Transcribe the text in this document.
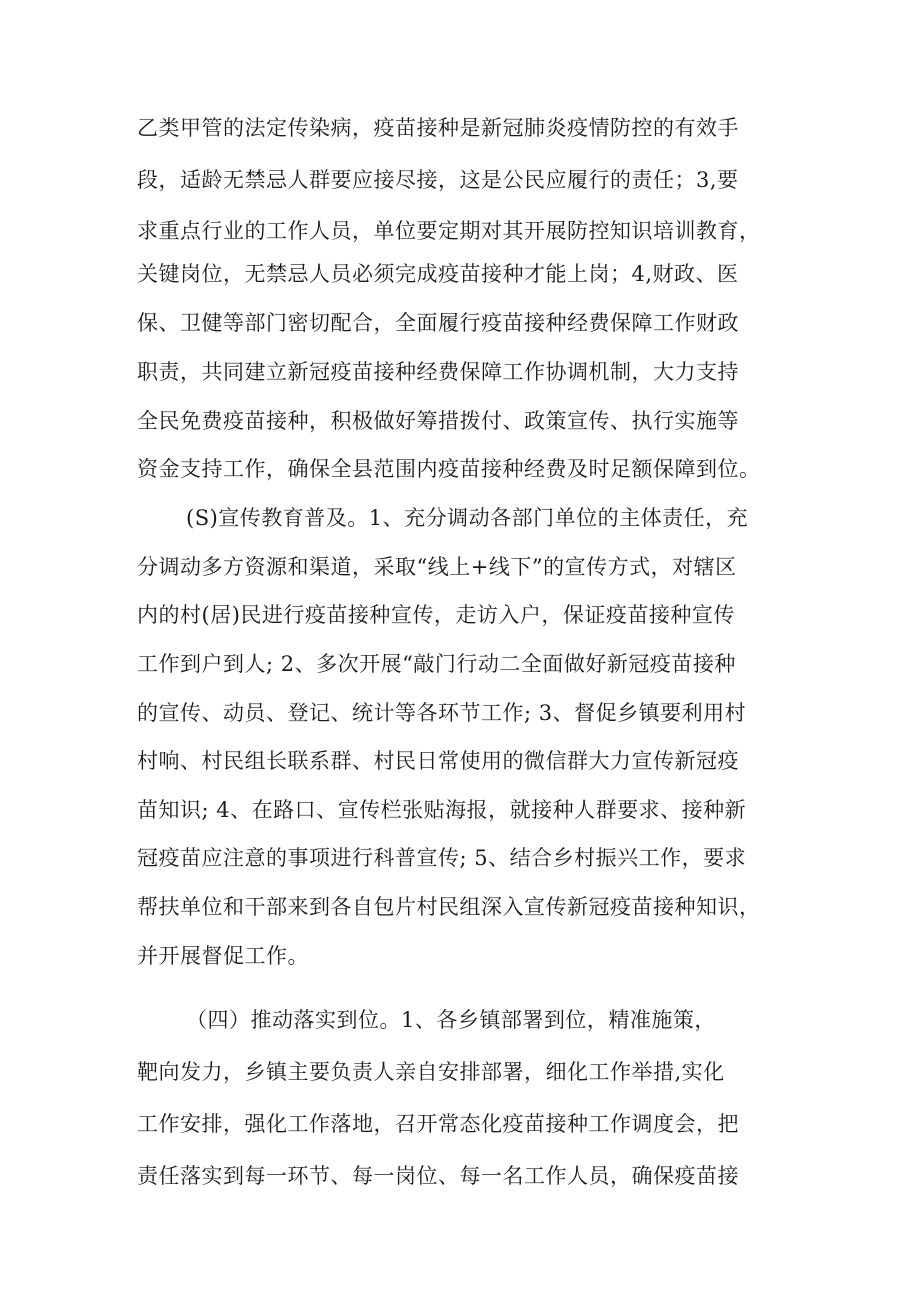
乙类甲管的法定传染病，疫苗接种是新冠肺炎疫情防控的有效手
段，适龄无禁忌人群要应接尽接，这是公民应履行的责任；3,要
求重点行业的工作人员，单位要定期对其开展防控知识培训教育，
关键岗位，无禁忌人员必须完成疫苗接种才能上岗；4,财政、医
保、卫健等部门密切配合，全面履行疫苗接种经费保障工作财政
职责，共同建立新冠疫苗接种经费保障工作协调机制，大力支持
全民免费疫苗接种，积极做好筹措拨付、政策宣传、执行实施等
资金支持工作，确保全县范围内疫苗接种经费及时足额保障到位。
(S)宣传教育普及。1、充分调动各部门单位的主体责任，充
分调动多方资源和渠道，采取“线上+线下”的宣传方式，对辖区
内的村(居)民进行疫苗接种宣传，走访入户，保证疫苗接种宣传
工作到户到人; 2、多次开展“敲门行动二全面做好新冠疫苗接种
的宣传、动员、登记、统计等各环节工作; 3、督促乡镇要利用村
村响、村民组长联系群、村民日常使用的微信群大力宣传新冠疫
苗知识; 4、在路口、宣传栏张贴海报，就接种人群要求、接种新
冠疫苗应注意的事项进行科普宣传; 5、结合乡村振兴工作，要求
帮扶单位和干部来到各自包片村民组深入宣传新冠疫苗接种知识，
并开展督促工作。
（四）推动落实到位。1、各乡镇部署到位，精准施策，
靶向发力，乡镇主要负责人亲自安排部署，细化工作举措,实化
工作安排，强化工作落地，召开常态化疫苗接种工作调度会，把
责任落实到每一环节、每一岗位、每一名工作人员，确保疫苗接
